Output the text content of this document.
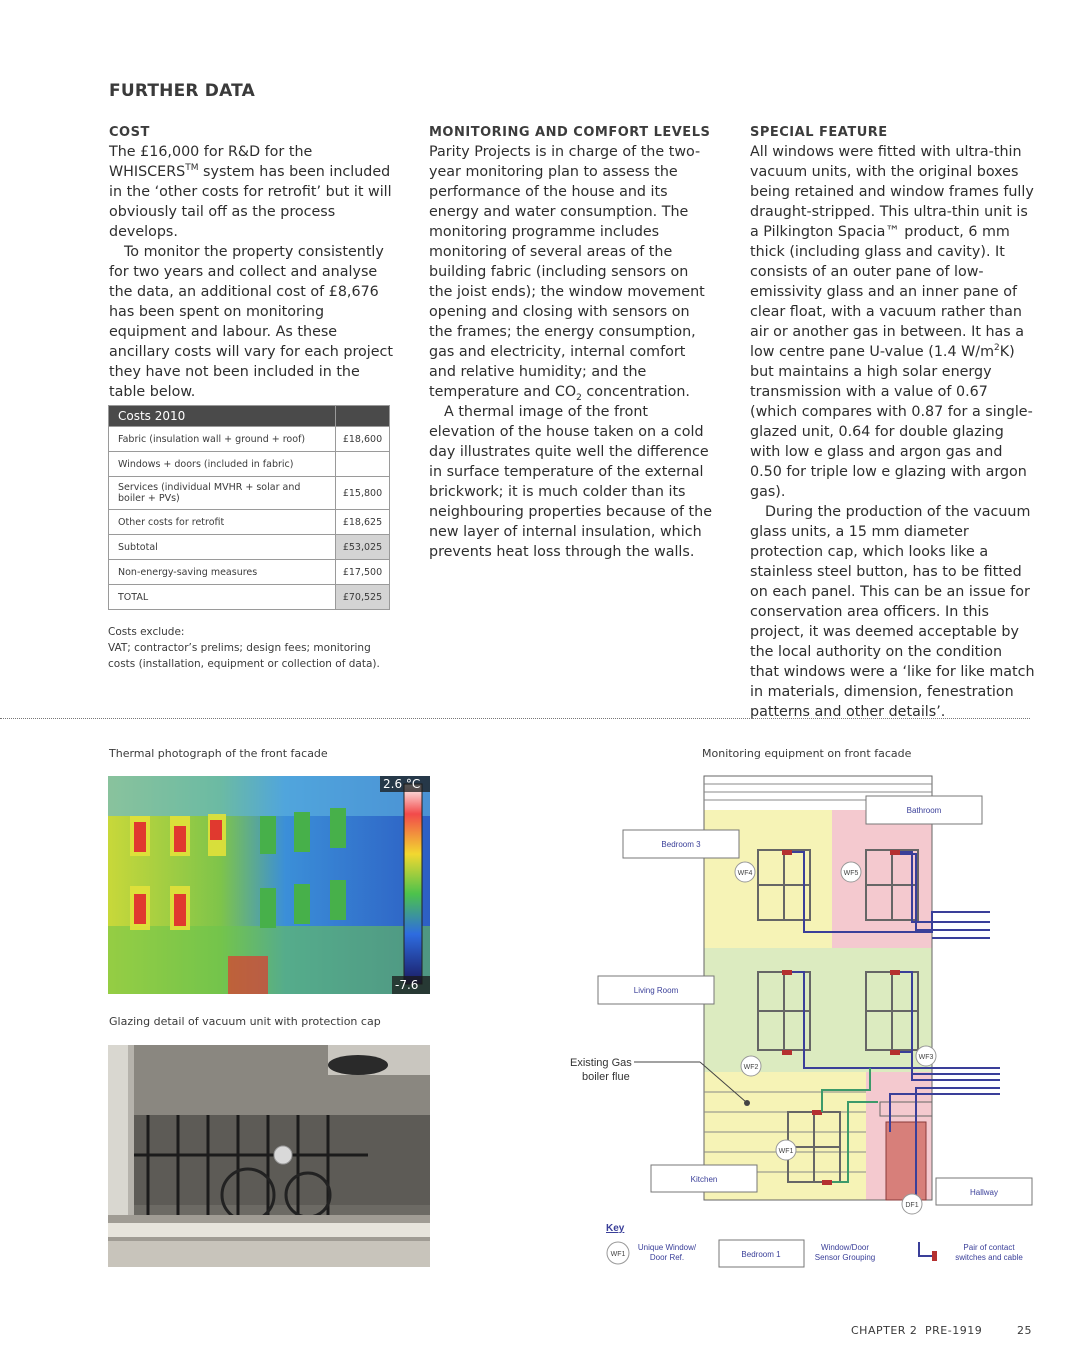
FURTHER DATA
COST

The £16,000 for R&D for the WHISCERS™ system has been included in the ‘other costs for retrofit’ but it will obviously tail off as the process develops.

To monitor the property consistently for two years and collect and analyse the data, an additional cost of £8,676 has been spent on monitoring equipment and labour. As these ancillary costs will vary for each project they have not been included in the table below.

Costs 2010	
Fabric (insulation wall + ground + roof)	£18,600
Windows + doors (included in fabric)	
Services (individual MVHR + solar and boiler + PVs)	£15,800
Other costs for retrofit	£18,625
Subtotal	£53,025
Non-energy-saving measures	£17,500
TOTAL	£70,525
Costs exclude:
VAT; contractor’s prelims; design fees; monitoring costs (installation, equipment or collection of data).
MONITORING AND COMFORT LEVELS

Parity Projects is in charge of the two-year monitoring plan to assess the performance of the house and its energy and water consumption. The monitoring programme includes monitoring of several areas of the building fabric (including sensors on the joist ends); the window movement opening and closing with sensors on the frames; the energy consumption, gas and electricity, internal comfort and relative humidity; and the temperature and $CO_2$ concentration.

A thermal image of the front elevation of the house taken on a cold day illustrates quite well the difference in surface temperature of the external brickwork; it is much colder than its neighbouring properties because of the new layer of internal insulation, which prevents heat loss through the walls.

SPECIAL FEATURE

All windows were fitted with ultra-thin vacuum units, with the original boxes being retained and window frames fully draught-stripped. This ultra-thin unit is a Pilkington Spacia™ product, 6 mm thick (including glass and cavity). It consists of an outer pane of low-emissivity glass and an inner pane of clear float, with a vacuum rather than air or another gas in between. It has a low centre pane U-value (1.4 $W/m^2K$) but maintains a high solar energy transmission with a value of 0.67 (which compares with 0.87 for a single-glazed unit, 0.64 for double glazing with low e glass and argon gas and 0.50 for triple low e glazing with argon gas).

During the production of the vacuum glass units, a 15 mm diameter protection cap, which looks like a stainless steel button, has to be fitted on each panel. This can be an issue for conservation area officers. In this project, it was deemed acceptable by the local authority on the condition that windows were a ‘like for like match in materials, dimension, fenestration patterns and other details’.

Thermal photograph of the front facade
2.6 °C
-7.6
Glazing detail of vacuum unit with protection cap
Monitoring equipment on front facade
WF4	WF5
WF2
WF3
WF1
DF1
Bathroom
Bedroom 3
Living Room
Kitchen
Hallway
Existing Gas
boiler flue
Key
WF1
Unique Window/
Door Ref.	Bedroom 1
Window/Door
Sensor Grouping
Pair of contact
switches and cable
CHAPTER 2 PRE-1919	25
